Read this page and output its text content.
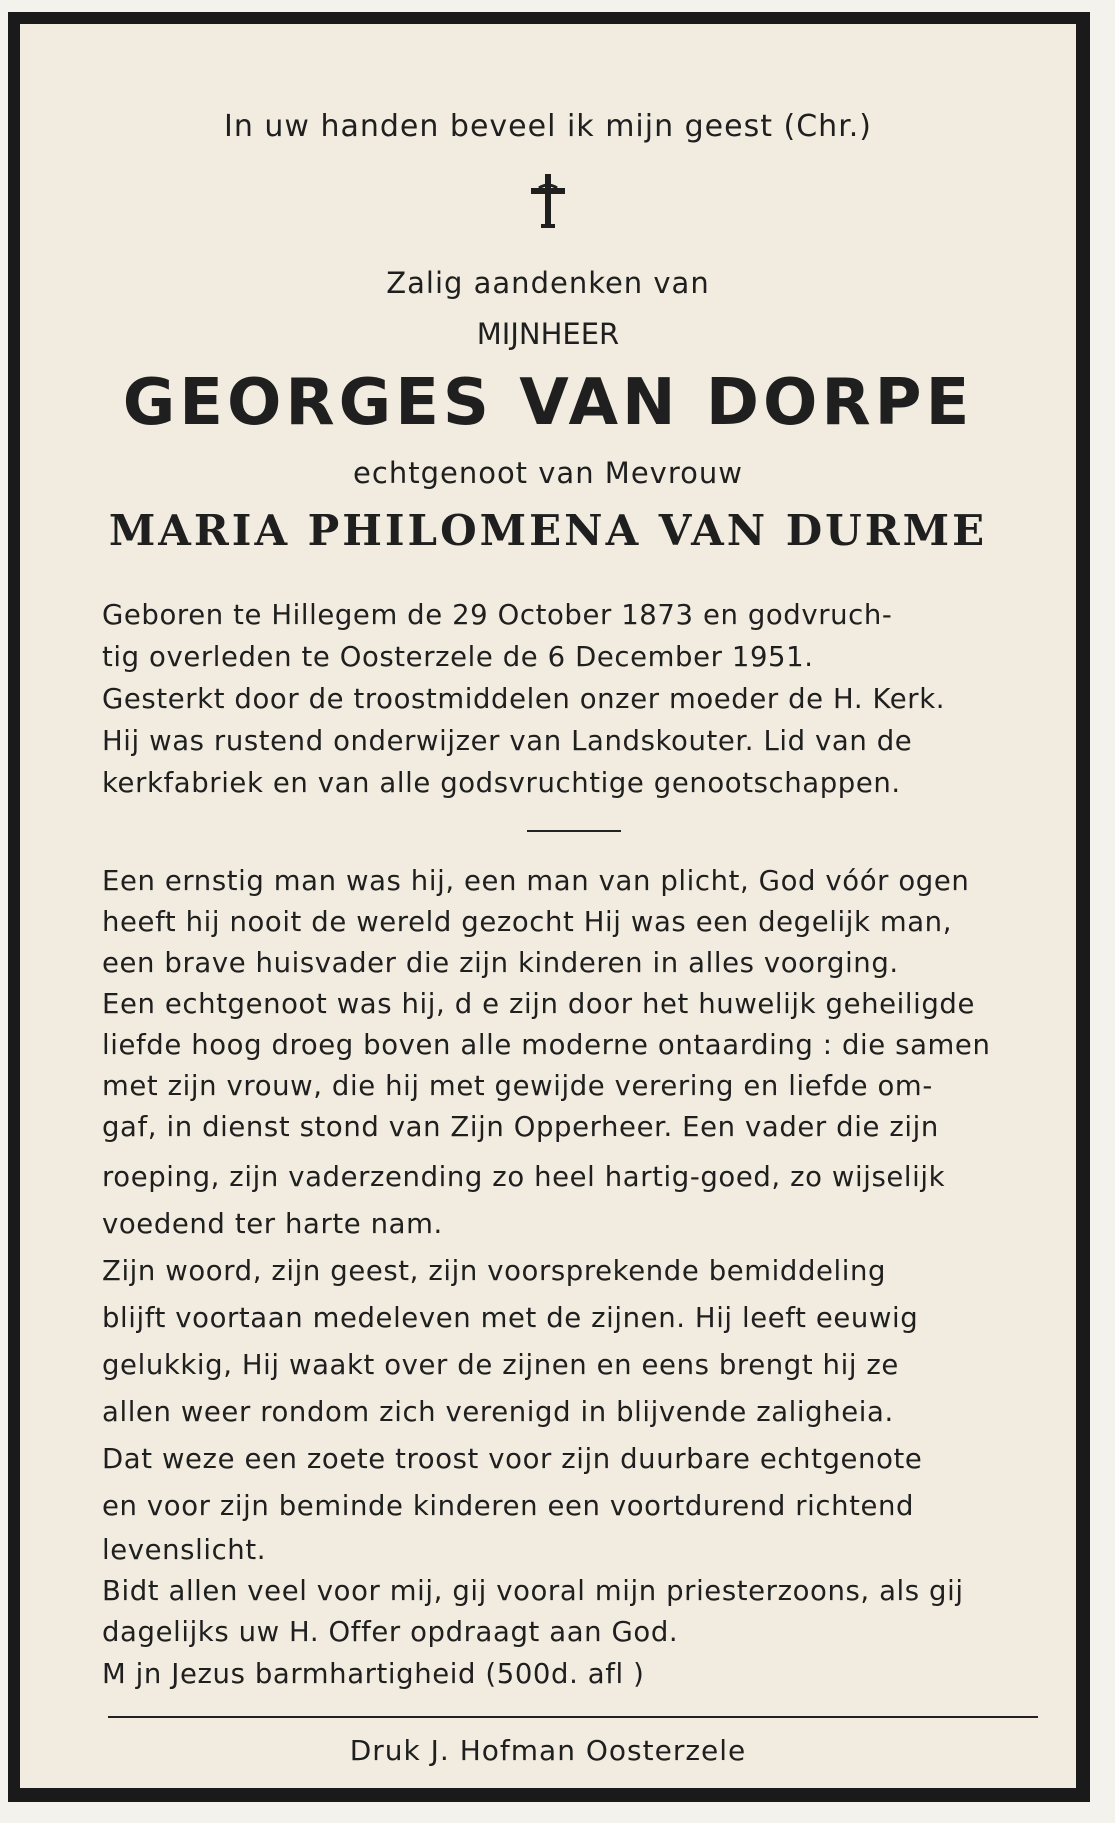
In uw handen beveel ik mijn geest (Chr.)
Zalig aandenken van
MIJNHEER
GEORGES VAN DORPE
echtgenoot van Mevrouw
MARIA PHILOMENA VAN DURME
Geboren te Hillegem de 29 October 1873 en godvruch-
tig overleden te Oosterzele de 6 December 1951.
Gesterkt door de troostmiddelen onzer moeder de H. Kerk.
Hij was rustend onderwijzer van Landskouter. Lid van de
kerkfabriek en van alle godsvruchtige genootschappen.
Een ernstig man was hij, een man van plicht, God vóór ogen
heeft hij nooit de wereld gezocht Hij was een degelijk man,
een brave huisvader die zijn kinderen in alles voorging.
Een echtgenoot was hij, d e zijn door het huwelijk geheiligde
liefde hoog droeg boven alle moderne ontaarding : die samen
met zijn vrouw, die hij met gewijde verering en liefde om-
gaf, in dienst stond van Zijn Opperheer. Een vader die zijn
roeping, zijn vaderzending zo heel hartig-goed, zo wijselijk
voedend ter harte nam.
Zijn woord, zijn geest, zijn voorsprekende bemiddeling
blijft voortaan medeleven met de zijnen. Hij leeft eeuwig
gelukkig, Hij waakt over de zijnen en eens brengt hij ze
allen weer rondom zich verenigd in blijvende zaligheia.
Dat weze een zoete troost voor zijn duurbare echtgenote
en voor zijn beminde kinderen een voortdurend richtend
levenslicht.
Bidt allen veel voor mij, gij vooral mijn priesterzoons, als gij
dagelijks uw H. Offer opdraagt aan God.
M jn Jezus barmhartigheid (500d. afl )
Druk J. Hofman Oosterzele
